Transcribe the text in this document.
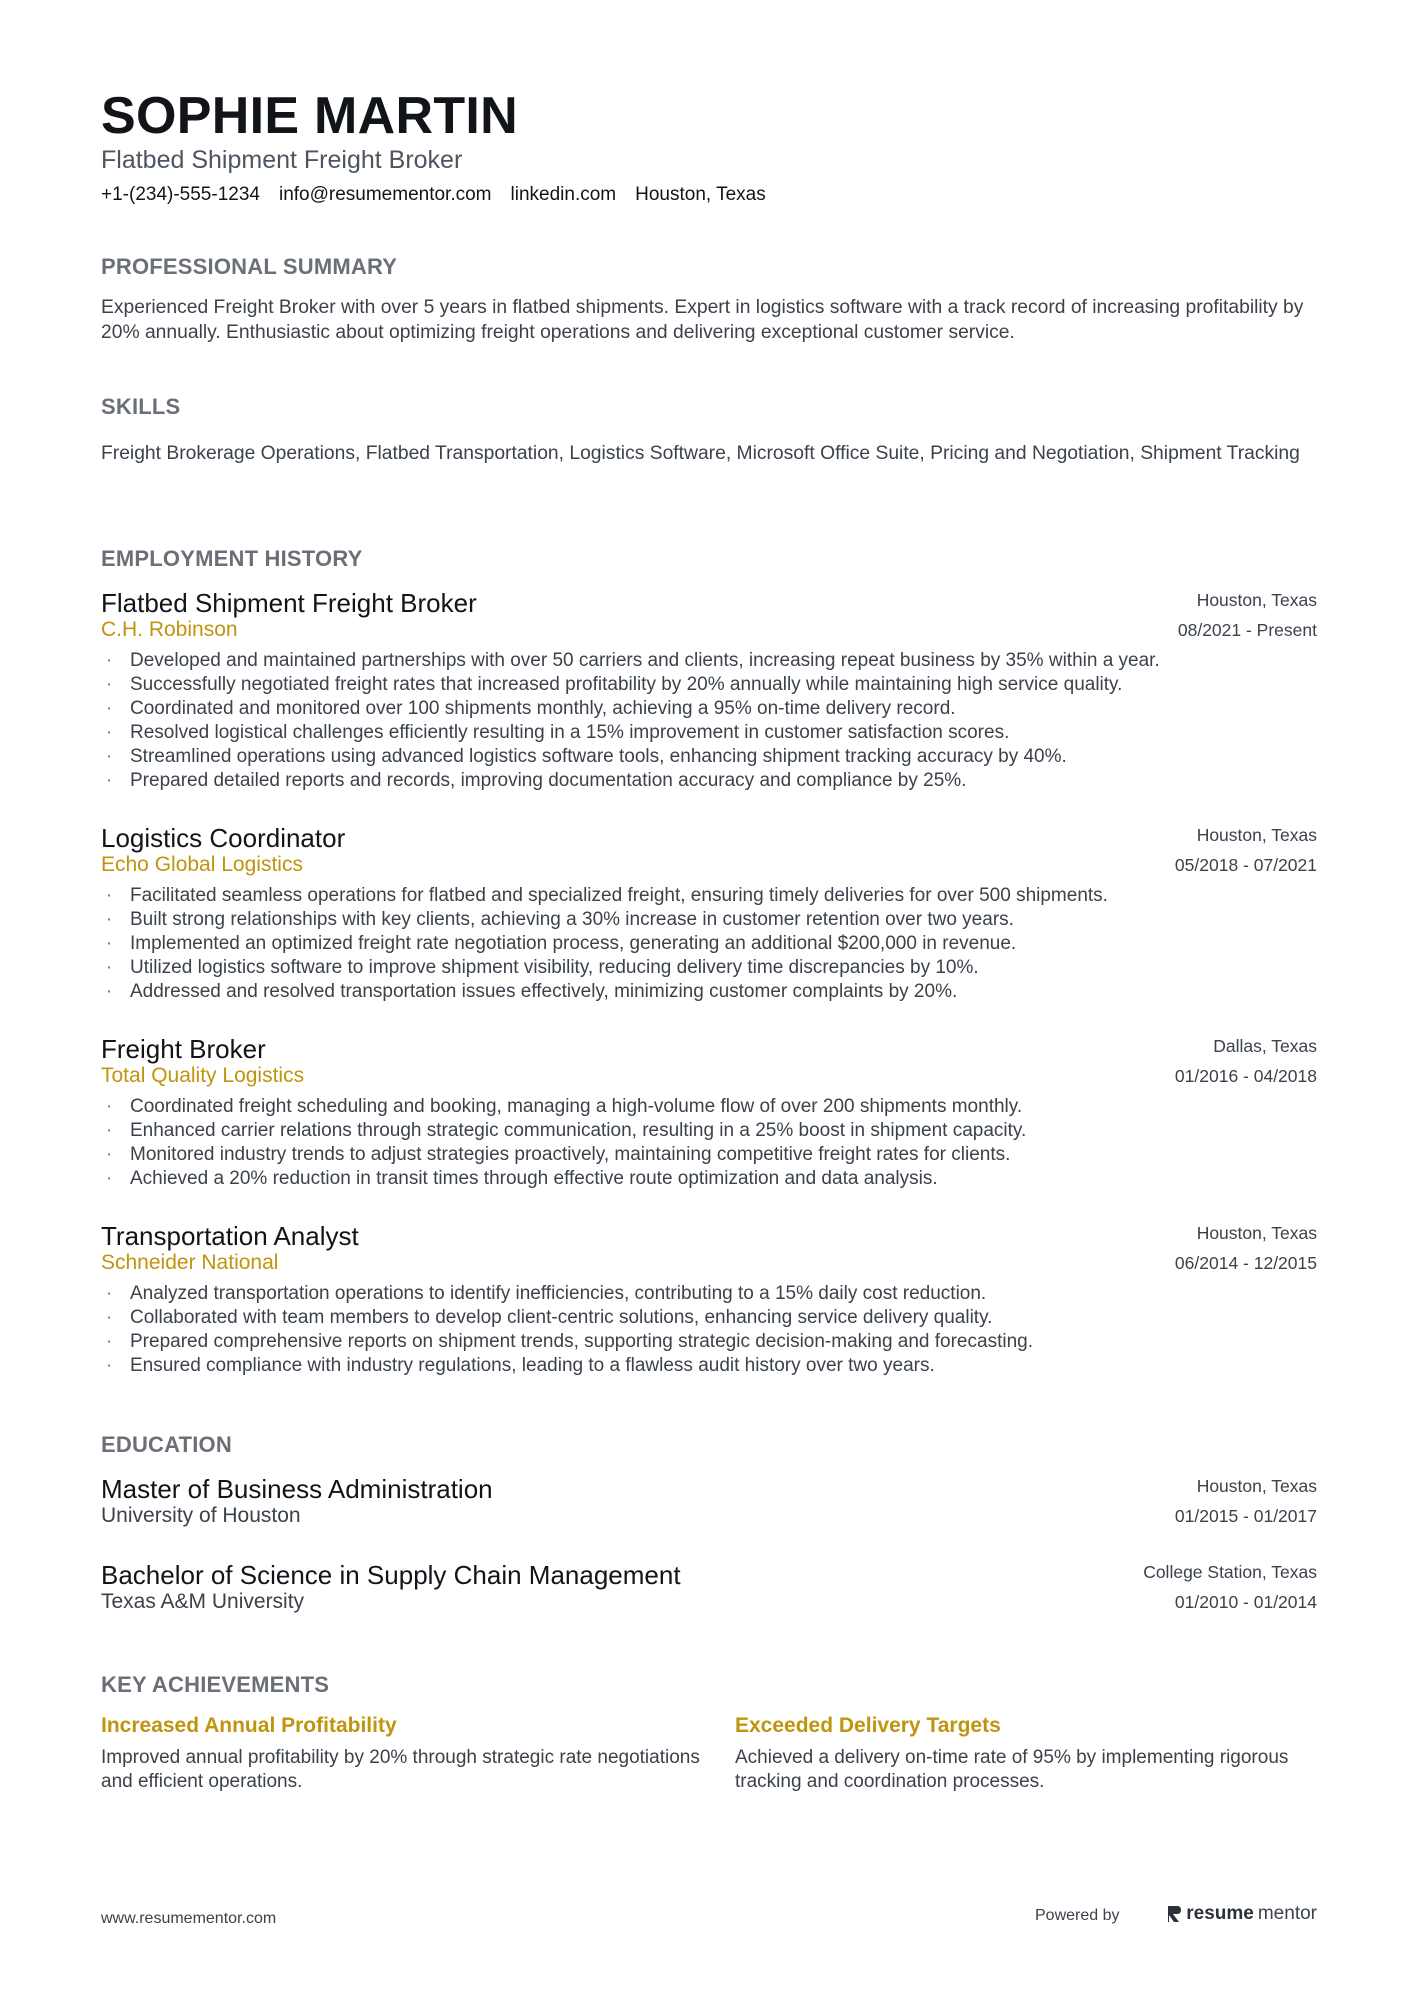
SOPHIE MARTIN
Flatbed Shipment Freight Broker
+1-(234)-555-1234 info@resumementor.com linkedin.com Houston, Texas
PROFESSIONAL SUMMARY
Experienced Freight Broker with over 5 years in flatbed shipments. Expert in logistics software with a track record of increasing profitability by 20% annually. Enthusiastic about optimizing freight operations and delivering exceptional customer service.
SKILLS
Freight Brokerage Operations, Flatbed Transportation, Logistics Software, Microsoft Office Suite, Pricing and Negotiation, Shipment Tracking
EMPLOYMENT HISTORY
Flatbed Shipment Freight Broker
C.H. Robinson
Houston, Texas
08/2021 - Present
· Developed and maintained partnerships with over 50 carriers and clients, increasing repeat business by 35% within a year.
· Successfully negotiated freight rates that increased profitability by 20% annually while maintaining high service quality.
· Coordinated and monitored over 100 shipments monthly, achieving a 95% on-time delivery record.
· Resolved logistical challenges efficiently resulting in a 15% improvement in customer satisfaction scores.
· Streamlined operations using advanced logistics software tools, enhancing shipment tracking accuracy by 40%.
· Prepared detailed reports and records, improving documentation accuracy and compliance by 25%.
Logistics Coordinator
Echo Global Logistics
Houston, Texas
05/2018 - 07/2021
· Facilitated seamless operations for flatbed and specialized freight, ensuring timely deliveries for over 500 shipments.
· Built strong relationships with key clients, achieving a 30% increase in customer retention over two years.
· Implemented an optimized freight rate negotiation process, generating an additional $200,000 in revenue.
· Utilized logistics software to improve shipment visibility, reducing delivery time discrepancies by 10%.
· Addressed and resolved transportation issues effectively, minimizing customer complaints by 20%.
Freight Broker
Total Quality Logistics
Dallas, Texas
01/2016 - 04/2018
· Coordinated freight scheduling and booking, managing a high-volume flow of over 200 shipments monthly.
· Enhanced carrier relations through strategic communication, resulting in a 25% boost in shipment capacity.
· Monitored industry trends to adjust strategies proactively, maintaining competitive freight rates for clients.
· Achieved a 20% reduction in transit times through effective route optimization and data analysis.
Transportation Analyst
Schneider National
Houston, Texas
06/2014 - 12/2015
· Analyzed transportation operations to identify inefficiencies, contributing to a 15% daily cost reduction.
· Collaborated with team members to develop client-centric solutions, enhancing service delivery quality.
· Prepared comprehensive reports on shipment trends, supporting strategic decision-making and forecasting.
· Ensured compliance with industry regulations, leading to a flawless audit history over two years.
EDUCATION
Master of Business Administration
University of Houston
Houston, Texas
01/2015 - 01/2017
Bachelor of Science in Supply Chain Management
Texas A&M University
College Station, Texas
01/2010 - 01/2014
KEY ACHIEVEMENTS
Increased Annual Profitability
Improved annual profitability by 20% through strategic rate negotiations and efficient operations.
Exceeded Delivery Targets
Achieved a delivery on-time rate of 95% by implementing rigorous tracking and coordination processes.
www.resumementor.com	Powered by	resume mentor
